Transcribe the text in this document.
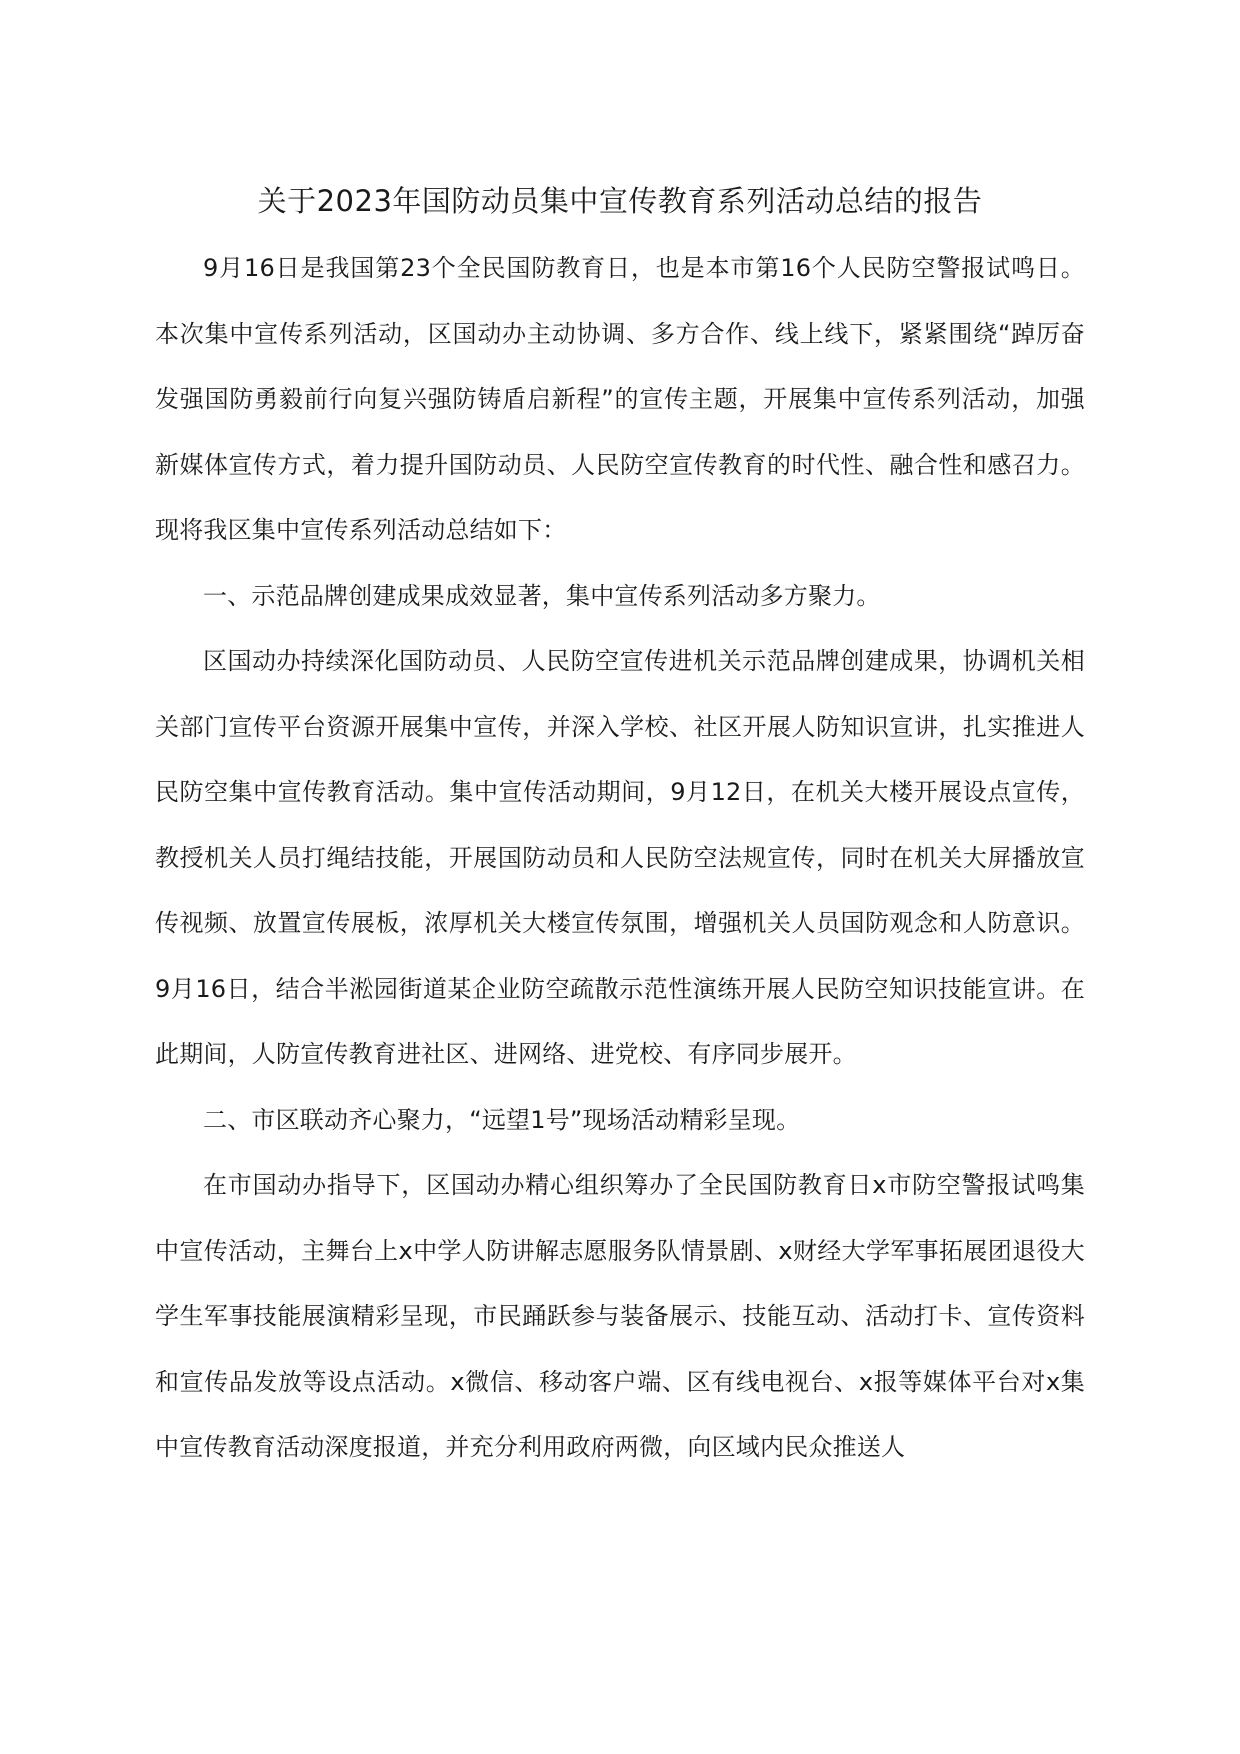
关于2023年国防动员集中宣传教育系列活动总结的报告

9月16日是我国第23个全民国防教育日，也是本市第16个人民防空警报试鸣日。本次集中宣传系列活动，区国动办主动协调、多方合作、线上线下，紧紧围绕“踔厉奋发强国防勇毅前行向复兴强防铸盾启新程”的宣传主题，开展集中宣传系列活动，加强新媒体宣传方式，着力提升国防动员、人民防空宣传教育的时代性、融合性和感召力。现将我区集中宣传系列活动总结如下：

一、示范品牌创建成果成效显著，集中宣传系列活动多方聚力。

区国动办持续深化国防动员、人民防空宣传进机关示范品牌创建成果，协调机关相关部门宣传平台资源开展集中宣传，并深入学校、社区开展人防知识宣讲，扎实推进人民防空集中宣传教育活动。集中宣传活动期间，9月12日，在机关大楼开展设点宣传，教授机关人员打绳结技能，开展国防动员和人民防空法规宣传，同时在机关大屏播放宣传视频、放置宣传展板，浓厚机关大楼宣传氛围，增强机关人员国防观念和人防意识。9月16日，结合半淞园街道某企业防空疏散示范性演练开展人民防空知识技能宣讲。在此期间，人防宣传教育进社区、进网络、进党校、有序同步展开。

二、市区联动齐心聚力，“远望1号”现场活动精彩呈现。

在市国动办指导下，区国动办精心组织筹办了全民国防教育日x市防空警报试鸣集中宣传活动，主舞台上x中学人防讲解志愿服务队情景剧、x财经大学军事拓展团退役大学生军事技能展演精彩呈现，市民踊跃参与装备展示、技能互动、活动打卡、宣传资料和宣传品发放等设点活动。x微信、移动客户端、区有线电视台、x报等媒体平台对x集中宣传教育活动深度报道，并充分利用政府两微，向区域内民众推送人
